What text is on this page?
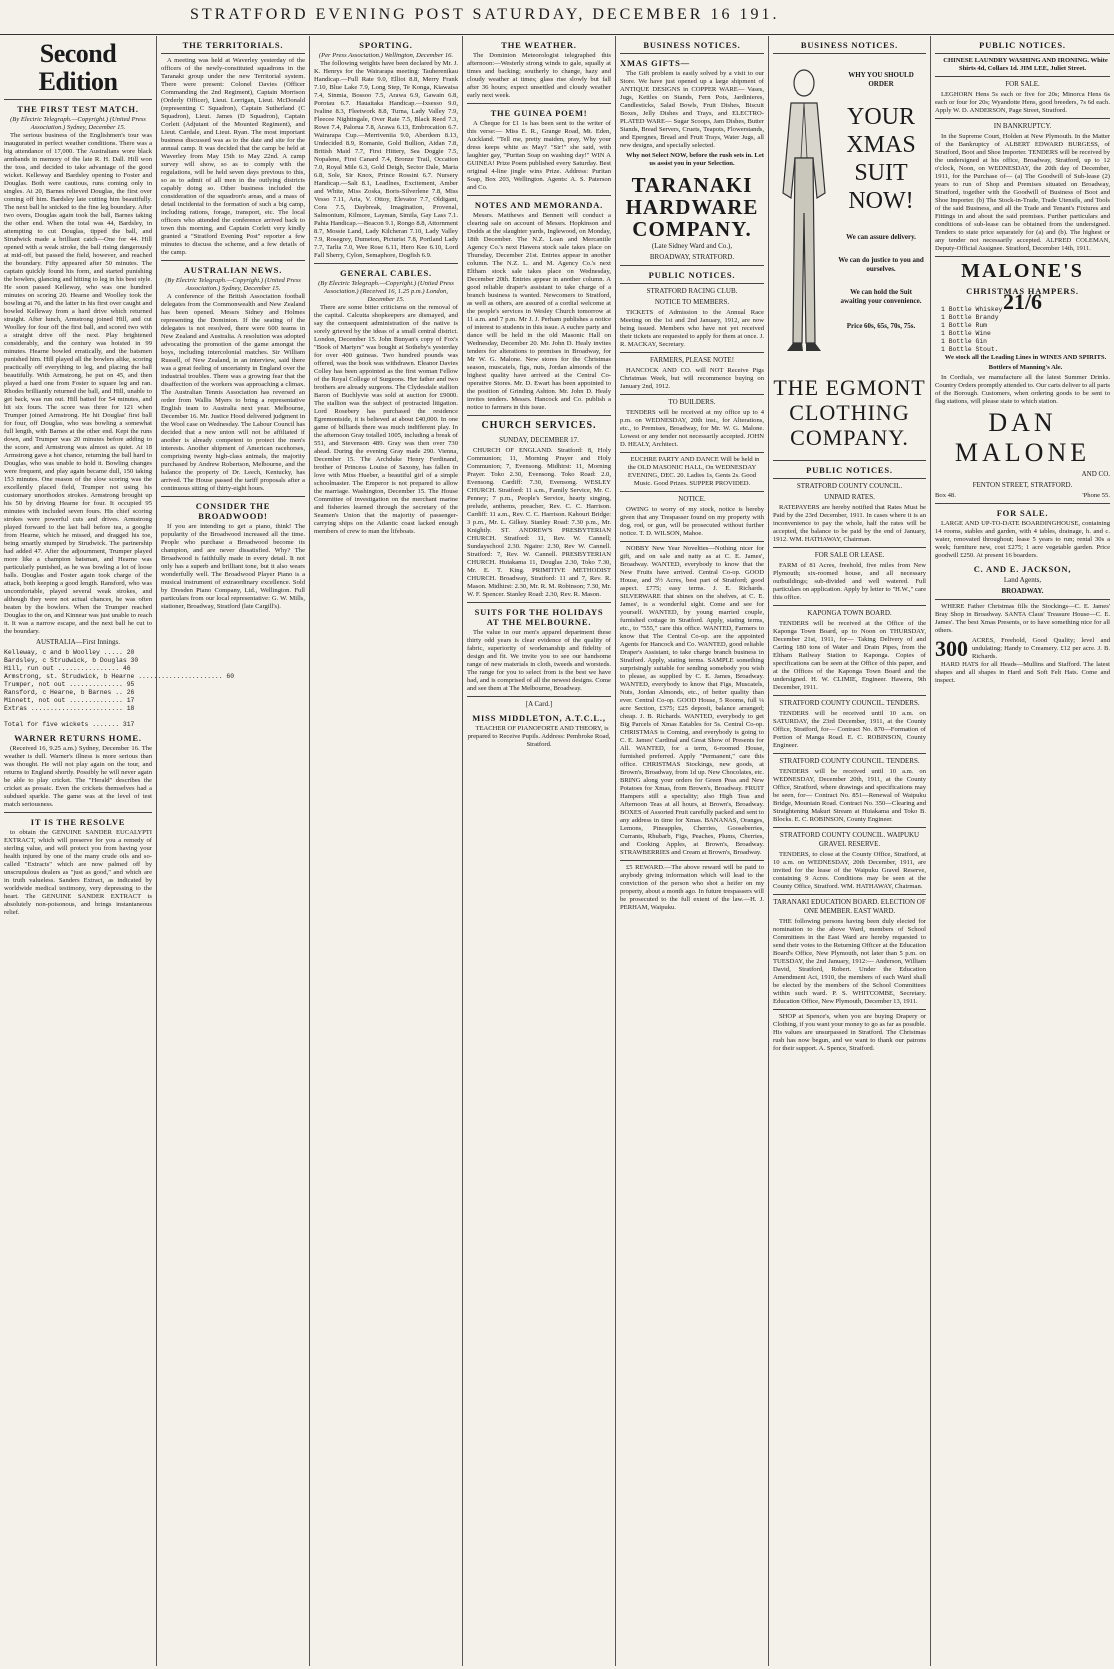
STRATFORD EVENING POST SATURDAY, DECEMBER 16 191.
Second Edition
THE FIRST TEST MATCH.
(By Electric Telegraph.—Copyright.) (United Press Association.) Sydney, December 15.

The serious business of the Englishmen's tour was inaugurated in perfect weather conditions. There was a big attendance of 17,000. The Australians wore black armbands in memory of the late R. H. Dall. Hill won the toss, and decided to take advantage of the good wicket. Kelleway and Bardsley opening to Foster and Douglas. Both were cautious, runs coming only in singles. At 20, Barnes relieved Douglas, the first over coming off him. Bardsley late cutting him beautifully. The next ball he snicked to the fine leg boundary. After two overs, Douglas again took the ball, Barnes taking the other end. When the total was 44, Bardsley, in attempting to cut Douglas, tipped the ball, and Strudwick made a brilliant catch—One for 44. Hill opened with a weak stroke, the ball rising dangerously at mid-off, but passed the field, however, and reached the boundary. Fifty appeared after 50 minutes. The captain quickly found his form, and started punishing the bowlers, glancing and hitting to leg in his best style. He soon passed Kelleway, who was one hundred minutes on scoring 20. Hearne and Woolley took the bowling at 76, and the latter in his first over caught and bowled Kelleway from a hard drive which returned straight. After lunch, Armstrong joined Hill, and cut Woolley for four off the first ball, and scored two with a straight drive off the next. Play brightened considerably, and the century was hoisted in 99 minutes. Hearne bowled erratically, and the batsmen punished him. Hill played all the bowlers alike, scoring practically off everything to leg, and placing the ball beautifully. With Armstrong, he put on 45, and then played a hard one from Foster to square leg and ran. Rhodes brilliantly returned the ball, and Hill, unable to get back, was run out. Hill batted for 54 minutes, and hit six fours. The score was three for 121 when Trumper joined Armstrong. He hit Douglas' first ball for four, off Douglas, who was bowling a somewhat full length, with Barnes at the other end. Kept the runs down, and Trumper was 20 minutes before adding to the score, and Armstrong was almost as quiet. At 18 Armstrong gave a hot chance, returning the ball hard to Douglas, who was unable to hold it. Bowling changes were frequent, and play again became dull, 150 taking 153 minutes. One reason of the slow scoring was the excellently placed field, Trumper not using his customary unorthodox strokes. Armstrong brought up his 50 by driving Hearne for four. It occupied 95 minutes with included seven fours. His chief scoring strokes were powerful cuts and drives. Armstrong played forward to the last ball before tea, a googlie from Hearne, which he missed, and dragged his toe, being smartly stumped by Strudwick. The partnership had added 47. After the adjournment, Trumper played more like a champion batsman, and Hearne was particularly punished, as he was bowling a lot of loose balls. Douglas and Foster again took charge of the attack, both keeping a good length. Ransford, who was uncomfortable, played several weak strokes, and although they were not actual chances, he was often beaten by the bowlers. When the Trumper reached Douglas to the on, and Kinnear was just unable to reach it. It was a narrow escape, and the next ball he cut to the boundary.

AUSTRALIA—First Innings.
Kelleway, c and b Woolley ..... 20
Bardsley, c Strudwick, b Douglas 30
Hill, run out ................ 46
Armstrong, st. Strudwick, b Hearne ...................... 60
Trumper, not out .............. 95
Ransford, c Hearne, b Barnes .. 26
Minnett, not out .............. 17
Extras ........................ 18

Total for five wickets ....... 317
WARNER RETURNS HOME.

(Received 16, 9.25 a.m.) Sydney, December 16. The weather is dull. Warner's illness is more serious than was thought. He will not play again on the tour, and returns to England shortly. Possibly he will never again be able to play cricket. The "Herald" describes the cricket as prosaic. Even the crickets themselves had a subdued sparkle. The game was at the level of test match seriousness.

IT IS THE RESOLVE

to obtain the GENUINE SANDER EUCALYPTI EXTRACT, which will preserve for you a remedy of sterling value, and will protect you from having your health injured by one of the many crude oils and so-called "Extracts" which are now palmed off by unscrupulous dealers as "just as good," and which are in truth valueless. Sanders Extract, as indicated by worldwide medical testimony, very depressing to the heart. The GENUINE SANDER EXTRACT is absolutely non-poisonous, and brings instantaneous relief.

THE TERRITORIALS.

A meeting was held at Waverley yesterday of the officers of the newly-constituted squadrons in the Taranaki group under the new Territorial system. There were present: Colonel Davies (Officer Commanding the 2nd Regiment), Captain Morrison (Orderly Officer), Lieut. Lorrigan, Lieut. McDonald (representing C Squadron), Captain Sutherland (C Squadron), Lieut. James (D Squadron), Captain Corlett (Adjutant of the Mounted Regiment), and Lieut. Cardale, and Lieut. Ryan. The most important business discussed was as to the date and site for the annual camp. It was decided that the camp be held at Waverley from May 15th to May 22nd. A camp survey will show, so as to comply with the regulations, will be held seven days previous to this, so as to admit of all men in the outlying districts capably doing so. Other business included the consideration of the squadron's areas, and a mass of detail incidental to the formation of such a big camp, including rations, forage, transport, etc. The local officers who attended the conference arrived back to town this morning, and Captain Corlett very kindly granted a "Stratford Evening Post" reporter a few minutes to discuss the scheme, and a few details of the camp.

AUSTRALIAN NEWS.
(By Electric Telegraph.—Copyright.) (United Press Association.) Sydney, December 15.

A conference of the British Association football delegates from the Commonwealth and New Zealand has been opened. Messrs Sidney and Holmes representing the Dominion. If the seating of the delegates is not resolved, there were 600 teams in New Zealand and Australia. A resolution was adopted advocating the promotion of the game amongst the boys, including intercolonial matches. Sir William Russell, of New Zealand, in an interview, said there was a great feeling of uncertainty in England over the industrial troubles. There was a growing fear that the disaffection of the workers was approaching a climax. The Australian Tennis Association has reversed an order from Wallis Myers to bring a representative English team to Australia next year. Melbourne, December 16. Mr. Justice Hood delivered judgment in the Wool case on Wednesday. The Labour Council has decided that a new union will not be affiliated if another is already competent to protect the men's interests. Another shipment of American racehorses, comprising twenty high-class animals, the majority purchased by Andrew Robertson, Melbourne, and the balance the property of Dr. Leech, Kentucky, has arrived. The House passed the tariff proposals after a continuous sitting of thirty-eight hours.

CONSIDER THE BROADWOOD!

If you are intending to get a piano, think! The popularity of the Broadwood increased all the time. People who purchase a Broadwood become its champion, and are never dissatisfied. Why? The Broadwood is faithfully made in every detail. It not only has a superb and brilliant tone, but it also wears wonderfully well. The Broadwood Player Piano is a musical instrument of extraordinary excellence. Sold by Dresden Piano Company, Ltd., Wellington. Full particulars from our local representative: G. W. Mills, stationer, Broadway, Stratford (late Cargill's).

SPORTING.
(Per Press Association.) Wellington, December 16.

The following weights have been declared by Mr. J. K. Henrys for the Wairarapa meeting: Tauherenikau Handicap.—Full Rate 9.0, Elliot 8.8, Merry Frank 7.10, Blue Lake 7.9, Long Step, Te Konga, Kiawaisa 7.4, Sinmia, Bossoo 7.5, Arawa 6.9, Gawain 6.8, Porotau 6.7. Hauaitaka Handicap.—Ixsesso 9.0, Ivaline 8.3, Fleetwork 8.8, Turna, Lady Valley 7.9, Fleecee Nightingale, Over Rate 7.5, Black Reed 7.3, Rowe 7.4, Palorua 7.8, Arawa 6.13, Embrocation 6.7. Wairarapa Cup.—Merriveniia 9.0, Aberdeen 8.13, Undecided 8.9, Romanie, Gold Bullion, Aidan 7.8, British Maid 7.7, First Hittery, Sea Doggie 7.5, Nopalene, First Canard 7.4, Bronze Trail, Occation 7.0, Royal Mile 6.3, Gold Deigh, Sector Dale, Maria 6.8, Sole, Sir Knox, Prince Rossini 6.7. Nursery Handicap.—Salt 8.1, Leadlnes, Excitement, Amber and White, Miss Zoska, Boris-Silverlene 7.8, Miss Vesso 7.11, Aria, V. Ottoy, Elevator 7.7, Oldigant, Cora 7.5, Daybreak, Imagination, Provenal, Salmonium, Kilmore, Layman, Simila, Gay Lass 7.1. Pahia Handicap.—Beacon 9.1, Rongo 8.8, Attornment 8.7, Mossie Land, Lady Kilcheran 7.10, Lady Valley 7.9, Rosegrey, Dumeton, Picturist 7.8, Portland Lady 7.7, Tarlia 7.0, Wee Rose 6.11, Hero Kee 6.10, Lord Fall Sherry, Cylon, Semaphore, Dogfish 6.9.

GENERAL CABLES.
(By Electric Telegraph.—Copyright.) (United Press Association.) (Received 16, 1.25 p.m.) London, December 15.

There are some bitter criticisms on the removal of the capital. Calcutta shopkeepers are dismayed, and say the consequent administration of the native is sorely grieved by the ideas of a small central district. London, December 15. John Bunyan's copy of Fox's "Book of Martyrs" was bought at Sotheby's yesterday for over 400 guineas. Two hundred pounds was offered, was the book was withdrawn. Eleanor Davies Colley has been appointed as the first woman Fellow of the Royal College of Surgeons. Her father and two brothers are already surgeons. The Clydesdale stallion Baron of Buchlyvie was sold at auction for £9000. The stallion was the subject of protracted litigation. Lord Rosebery has purchased the residence Egremontside, it is believed at about £40,000. In one game of billiards there was much indifferent play. In the afternoon Gray totalled 1005, including a break of 551, and Stevenson 489. Gray was then over 730 ahead. During the evening Gray made 290. Vienna, December 15. The Archduke Henry Ferdinand, brother of Princess Louise of Saxony, has fallen in love with Miss Hueber, a beautiful girl of a simple schoolmaster. The Emperor is not prepared to allow the marriage. Washington, December 15. The House Committee of investigation on the merchant marine and fisheries learned through the secretary of the Seamen's Union that the majority of passenger-carrying ships on the Atlantic coast lacked enough members of crew to man the lifeboats.

THE WEATHER.

The Dominion Meteorologist telegraphed this afternoon:—Westerly strong winds to gale, squally at times and backing; southerly to change, hazy and cloudy weather at times; glass rise slowly but fall after 36 hours; expect unsettled and cloudy weather early next week.

THE GUINEA POEM!

A Cheque for £1 1s has been sent to the writer of this verse:— Miss E. R., Grange Road, Mt. Eden, Auckland. "Tell me, pretty maiden, pray, Why your dress keeps white as May? "Sir!" she said, with laughter gay, "Puritan Soap on washing day!" WIN A GUINEA! Prize Poem published every Saturday. Best original 4-line jingle wins Prize. Address: Puritan Soap, Box 203, Wellington. Agents: A. S. Paterson and Co.

NOTES AND MEMORANDA.

Messrs. Matthews and Bennett will conduct a clearing sale on account of Messrs. Hopkinson and Dodds at the slaughter yards, Inglewood, on Monday, 18th December. The N.Z. Loan and Mercantile Agency Co.'s next Hawera stock sale takes place on Thursday, December 21st. Entries appear in another column. The N.Z. L. and M. Agency Co.'s next Eltham stock sale takes place on Wednesday, December 20th. Entries appear in another column. A good reliable draper's assistant to take charge of a branch business is wanted. Newcomers to Stratford, as well as others, are assured of a cordial welcome at the people's services in Wesley Church tomorrow at 11 a.m. and 7 p.m. Mr J. J. Perham publishes a notice of interest to students in this issue. A euchre party and dance will be held in the old Masonic Hall on Wednesday, December 20. Mr. John D. Healy invites tenders for alterations to premises in Broadway, for Mr W. G. Malone. New stores for the Christmas season, muscatels, figs, nuts, Jordan almonds of the highest quality have arrived at the Central Co-operative Stores. Mr. D. Ewart has been appointed to the position of Grinding Ashton. Mr. John D. Healy invites tenders. Messrs. Hancock and Co. publish a notice to farmers in this issue.

CHURCH SERVICES.
SUNDAY, DECEMBER 17.

CHURCH OF ENGLAND. Stratford: 8, Holy Communion; 11, Morning Prayer and Holy Communion; 7, Evensong. Midhirst: 11, Morning Prayer. Toko 2.30, Evensong. Toko Road: 2.0, Evensong. Cardiff: 7.30, Evensong. WESLEY CHURCH. Stratford: 11 a.m., Family Service, Mr. C. Penney; 7 p.m., People's Service, hearty singing, prelude, anthems, preacher, Rev. C. C. Harrison. Cardiff: 11 a.m., Rev. C. C. Harrison. Kahouri Bridge: 3 p.m., Mr. L. Gilkey. Stanley Road: 7.30 p.m., Mr. Knightly. ST. ANDREW'S PRESBYTERIAN CHURCH. Stratford: 11, Rev. W. Cannell; Sundayschool 2.30. Ngaire: 2.30, Rev W. Cannell. Stratford: 7, Rev. W. Cannell. PRESBYTERIAN CHURCH. Huiakama 11, Douglas 2.30, Toko 7.30, Mr. E. T. King. PRIMITIVE METHODIST CHURCH. Broadway, Stratford: 11 and 7, Rev. R. Mason. Midhirst: 2.30, Mr. R. M. Robinson; 7.30, Mr. W. F. Spencer. Stanley Road: 2.30, Rev. R. Mason.

SUITS FOR THE HOLIDAYS AT THE MELBOURNE.

The value in our men's apparel department these thirty odd years is clear evidence of the quality of fabric, superiority of workmanship and fidelity of design and fit. We invite you to see our handsome range of new materials in cloth, tweeds and worsteds. The range for you to select from is the best we have had, and is comprised of all the newest designs. Come and see them at The Melbourne, Broadway.

[A Card.]
MISS MIDDLETON, A.T.C.L.,

TEACHER OF PIANOFORTE AND THEORY, is prepared to Receive Pupils. Address: Pembroke Road, Stratford.

BUSINESS NOTICES.
XMAS GIFTS—

The Gift problem is easily solved by a visit to our Store. We have just opened up a large shipment of ANTIQUE DESIGNS in COPPER WARE— Vases, Jugs, Kettles on Stands, Fern Pots, Jardinieres, Candlesticks, Salad Bowls, Fruit Dishes, Biscuit Boxes, Jelly Dishes and Trays, and ELECTRO-PLATED WARE— Sugar Scoops, Jam Dishes, Butter Stands, Bread Servers, Cruets, Teapots, Flowerstands, and Epergnes, Bread and Fruit Trays, Water Jugs, all new designs, and specially selected.

Why not Select NOW, before the rush sets in. Let us assist you in your Selection.

TARANAKI HARDWARE COMPANY.
(Late Sidney Ward and Co.),
BROADWAY, STRATFORD.
PUBLIC NOTICES.
STRATFORD RACING CLUB.
NOTICE TO MEMBERS.

TICKETS of Admission to the Annual Race Meeting on the 1st and 2nd January, 1912, are now being issued. Members who have not yet received their tickets are requested to apply for them at once. J. R. MACKAY, Secretary.

FARMERS, PLEASE NOTE!

HANCOCK AND CO. will NOT Receive Pigs Christmas Week, but will recommence buying on January 2nd, 1912.

TO BUILDERS.

TENDERS will be received at my office up to 4 p.m. on WEDNESDAY, 20th inst., for Alterations, etc., to Premises, Broadway, for Mr. W. G. Malone. Lowest or any tender not necessarily accepted. JOHN D. HEALY, Architect.

EUCHRE PARTY AND DANCE Will be held in the OLD MASONIC HALL, On WEDNESDAY EVENING, DEC. 20. Ladies 1s, Gents 2s. Good Music. Good Prizes. SUPPER PROVIDED.

NOTICE.

OWING to worry of my stock, notice is hereby given that any Trespasser found on my property with dog, rod, or gun, will be prosecuted without further notice. T. D. WILSON, Mahoe.

NOBBY New Year Novelties—Nothing nicer for gift, and on sale and natty as at C. E. James', Broadway. WANTED, everybody to know that the New Fruits have arrived. Central Co-op. GOOD House, and 3½ Acres, best part of Stratford; good aspect. £775; easy terms. J. E. Richards. SILVERWARE that shines on the shelves, at C. E. James', is a wonderful sight. Come and see for yourself. WANTED, by young married couple, furnished cottage in Stratford. Apply, stating terms, etc., to "555," care this office. WANTED, Farmers to know that The Central Co-op. are the appointed Agents for Hancock and Co. WANTED, good reliable Draper's Assistant, to take charge branch business in Stratford. Apply, stating terms. SAMPLE something surprisingly suitable for sending somebody you wish to please, as supplied by C. E. James, Broadway. WANTED, everybody to know that Figs, Muscatels, Nuts, Jordan Almonds, etc., of better quality than ever. Central Co-op. GOOD House, 5 Rooms, full ¼ acre Section, £375; £25 deposit, balance arranged; cheap. J. B. Richards. WANTED, everybody to get Big Parcels of Xmas Eatables for 5s. Central Co-op. CHRISTMAS is Coming, and everybody is going to C. E. James' Cardinal and Great Show of Presents for All. WANTED, for a term, 6-roomed House, furnished preferred. Apply "Permanent," care this office. CHRISTMAS Stockings, new goods, at Brown's, Broadway, from 1d up. New Chocolates, etc. BRING along your orders for Green Peas and New Potatoes for Xmas, from Brown's, Broadway. FRUIT Hampers still a speciality; also High Teas and Afternoon Teas at all hours, at Brown's, Broadway. BOXES of Assorted Fruit carefully packed and sent to any address in time for Xmas. BANANAS, Oranges, Lemons, Pineapples, Cherries, Gooseberries, Currants, Rhubarb, Figs, Peaches, Plums, Cherries, and Cooking Apples, at Brown's, Broadway. STRAWBERRIES and Cream at Brown's, Broadway.

£5 REWARD.—The above reward will be paid to anybody giving information which will lead to the conviction of the person who shot a heifer on my property, about a month ago. In future trespassers will be prosecuted to the full extent of the law.—H. J. PERHAM, Waipuku.

BUSINESS NOTICES.
WHY YOU SHOULD ORDER
YOUR XMAS SUIT NOW!
We can assure delivery.
We can do justice to you and ourselves.
We can hold the Suit awaiting your convenience.
Price 60s, 65s, 70s, 75s.
THE EGMONT CLOTHING COMPANY.
PUBLIC NOTICES.
STRATFORD COUNTY COUNCIL.
UNPAID RATES.

RATEPAYERS are hereby notified that Rates Must be Paid by the 23rd December, 1911. In cases where it is an inconvenience to pay the whole, half the rates will be accepted, the balance to be paid by the end of January, 1912. WM. HATHAWAY, Chairman.

FOR SALE OR LEASE.

FARM of 81 Acres, freehold, five miles from New Plymouth; six-roomed house, and all necessary outbuildings; sub-divided and well watered. Full particulars on application. Apply by letter to "H.W.," care this office.

KAPONGA TOWN BOARD.

TENDERS will be received at the Office of the Kaponga Town Board, up to Noon on THURSDAY, December 21st, 1911, for— Taking Delivery of and Carting 180 tons of Water and Drain Pipes, from the Eltham Railway Station to Kaponga. Copies of specifications can be seen at the Office of this paper, and at the Offices of the Kaponga Town Board and the undersigned. H. W. CLIMIE, Engineer. Hawera, 9th December, 1911.

STRATFORD COUNTY COUNCIL. TENDERS.

TENDERS will be received until 10 a.m. on SATURDAY, the 23rd December, 1911, at the County Office, Stratford, for— Contract No. 870—Formation of Portion of Manga Road. E. C. ROBINSON, County Engineer.

STRATFORD COUNTY COUNCIL. TENDERS.

TENDERS will be received until 10 a.m. on WEDNESDAY, December 20th, 1911, at the County Office, Stratford, where drawings and specifications may be seen, for— Contract No. 851—Renewal of Waipuku Bridge, Mountain Road. Contract No. 350—Clearing and Straightening Makuri Stream at Huiakama and Toko B. Blocks. E. C. ROBINSON, County Engineer.

STRATFORD COUNTY COUNCIL. WAIPUKU GRAVEL RESERVE.

TENDERS, to close at the County Office, Stratford, at 10 a.m. on WEDNESDAY, 20th December, 1911, are invited for the lease of the Waipuku Gravel Reserve, containing 9 Acres. Conditions may be seen at the County Office, Stratford. WM. HATHAWAY, Chairman.

TARANAKI EDUCATION BOARD. ELECTION OF ONE MEMBER. EAST WARD.

THE following persons having been duly elected for nomination to the above Ward, members of School Committees in the East Ward are hereby requested to send their votes to the Returning Officer at the Education Board's Office, New Plymouth, not later than 5 p.m. on TUESDAY, the 2nd January, 1912:— Anderson, William David, Stratford, Robert. Under the Education Amendment Act, 1910, the members of each Ward shall be elected by the members of the School Committees within such ward. P. S. WHITCOMBE, Secretary. Education Office, New Plymouth, December 13, 1911.

SHOP at Spence's, when you are buying Drapery or Clothing, if you want your money to go as far as possible. His values are unsurpassed in Stratford. The Christmas rush has now begun, and we want to thank our patrons for their support. A. Spence, Stratford.

PUBLIC NOTICES.

CHINESE LAUNDRY WASHING AND IRONING. White Shirts 4d, Collars 1d. JIM LEE, Juliet Street.

FOR SALE.

LEGHORN Hens 5s each or five for 20s; Minorca Hens 6s each or four for 20s; Wyandotte Hens, good breeders, 7s 6d each. Apply W. D. ANDERSON, Page Street, Stratford.

IN BANKRUPTCY.

In the Supreme Court, Holden at New Plymouth. In the Matter of the Bankruptcy of ALBERT EDWARD BURGESS, of Stratford, Boot and Shoe Importer. TENDERS will be received by the undersigned at his office, Broadway, Stratford, up to 12 o'clock, Noon, on WEDNESDAY, the 20th day of December, 1911, for the Purchase of— (a) The Goodwill of Sub-lease (2) years to run of Shop and Premises situated on Broadway, Stratford, together with the Goodwill of Business of Boot and Shoe Importer. (b) The Stock-in-Trade, Trade Utensils, and Tools of the said Business, and all the Trade and Tenant's Fixtures and Fittings in and about the said premises. Further particulars and conditions of sub-lease can be obtained from the undersigned. Tenders to state price separately for (a) and (b). The highest or any tender not necessarily accepted. ALFRED COLEMAN, Deputy-Official Assignee. Stratford, December 14th, 1911.

MALONE'S
CHRISTMAS HAMPERS.
21/6
1 Bottle Whiskey
1 Bottle Brandy
1 Bottle Rum
1 Bottle Wine
1 Bottle Gin
1 Bottle Stout.

We stock all the Leading Lines in WINES AND SPIRITS.

Bottlers of Manning's Ale.

In Cordials, we manufacture all the latest Summer Drinks. Country Orders promptly attended to. Our carts deliver to all parts of the Borough. Customers, when ordering goods to be sent to flag stations, will please state to which station.

DAN MALONE
AND CO.
FENTON STREET, STRATFORD.
Box 48.	'Phone 55.
FOR SALE.

LARGE AND UP-TO-DATE BOARDINGHOUSE, containing 14 rooms, stables and garden, with 4 tables, drainage, h. and c. water, renovated throughout; lease 5 years to run; rental 30s a week; furniture new, cost £275; 1 acre vegetable garden. Price goodwill £250. At present 16 boarders.

C. AND E. JACKSON,
Land Agents,
BROADWAY.

WHERE Father Christmas fills the Stockings—C. E. James' Bray Shop in Broadway. SANTA Claus' Treasure House—C. E. James'. The best Xmas Presents, or to have something nice for all others.

300 ACRES, Freehold, Good Quality; level and undulating; Handy to Creamery. £12 per acre. J. B. Richards.

HARD HATS for all Heads—Mullins and Stafford. The latest shapes and all shapes in Hard and Soft Felt Hats. Come and inspect.
